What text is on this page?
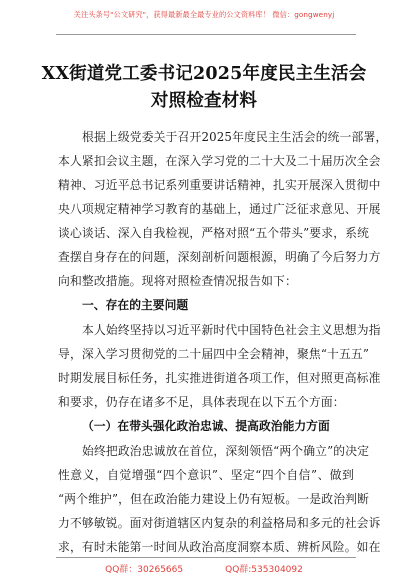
关注头条号"公文研究"，获得最新最全最专业的公文资料库！ 微信：gongwenyj
XX街道党工委书记2025年度民主生活会
对照检查材料
根据上级党委关于召开2025年度民主生活会的统一部署，
本人紧扣会议主题，在深入学习党的二十大及二十届历次全会
精神、习近平总书记系列重要讲话精神，扎实开展深入贯彻中
央八项规定精神学习教育的基础上，通过广泛征求意见、开展
谈心谈话、深入自我检视，严格对照“五个带头”要求，系统
查摆自身存在的问题，深刻剖析问题根源，明确了今后努力方
向和整改措施。现将对照检查情况报告如下：
一、存在的主要问题
本人始终坚持以习近平新时代中国特色社会主义思想为指
导，深入学习贯彻党的二十届四中全会精神，聚焦“十五五”
时期发展目标任务，扎实推进街道各项工作，但对照更高标准
和要求，仍存在诸多不足，具体表现在以下五个方面：
（一）在带头强化政治忠诚、提高政治能力方面
始终把政治忠诚放在首位，深刻领悟“两个确立”的决定
性意义，自觉增强“四个意识”、坚定“四个自信”、做到
“两个维护”，但在政治能力建设上仍有短板。一是政治判断
力不够敏锐。面对街道辖区内复杂的利益格局和多元的社会诉
求，有时未能第一时间从政治高度洞察本质、辨析风险。如在
QQ群：30265665	QQ群:535304092
